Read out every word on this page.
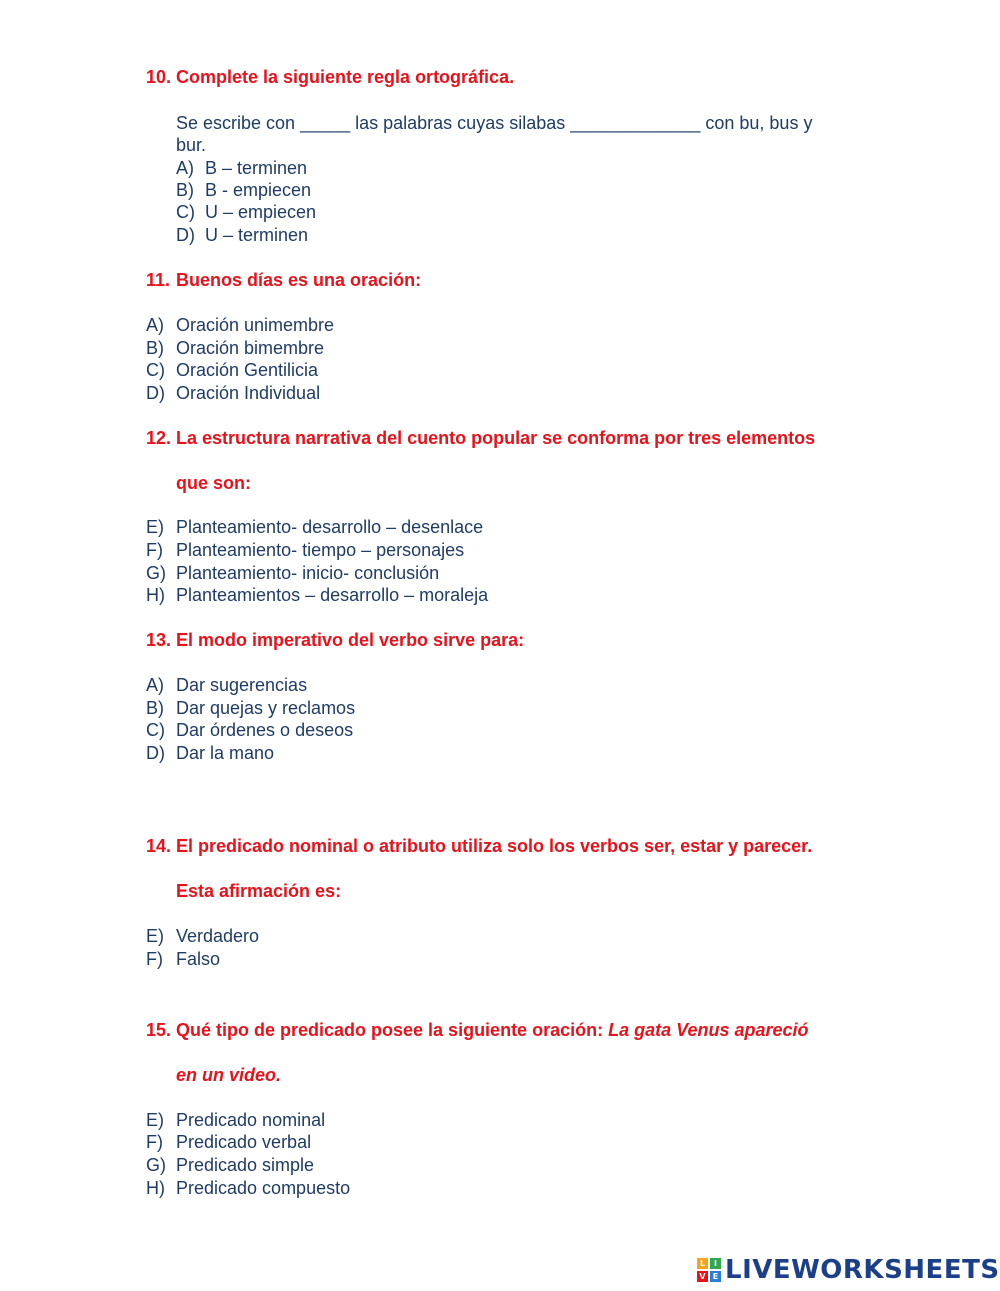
10. Complete la siguiente regla ortográfica.
Se escribe con _____ las palabras cuyas silabas _____________ con bu, bus y
bur.
A) B – terminen
B) B - empiecen
C) U – empiecen
D) U – terminen
11. Buenos días es una oración:
A) Oración unimembre
B) Oración bimembre
C) Oración Gentilicia
D) Oración Individual
12. La estructura narrativa del cuento popular se conforma por tres elementos
que son:
E) Planteamiento- desarrollo – desenlace
F) Planteamiento- tiempo – personajes
G) Planteamiento- inicio- conclusión
H) Planteamientos – desarrollo – moraleja
13. El modo imperativo del verbo sirve para:
A) Dar sugerencias
B) Dar quejas y reclamos
C) Dar órdenes o deseos
D) Dar la mano
14. El predicado nominal o atributo utiliza solo los verbos ser, estar y parecer.
Esta afirmación es:
E) Verdadero
F) Falso
15. Qué tipo de predicado posee la siguiente oración: La gata Venus apareció
en un video.
E) Predicado nominal
F) Predicado verbal
G) Predicado simple
H) Predicado compuesto
L	I
V E LIVEWORKSHEETS
